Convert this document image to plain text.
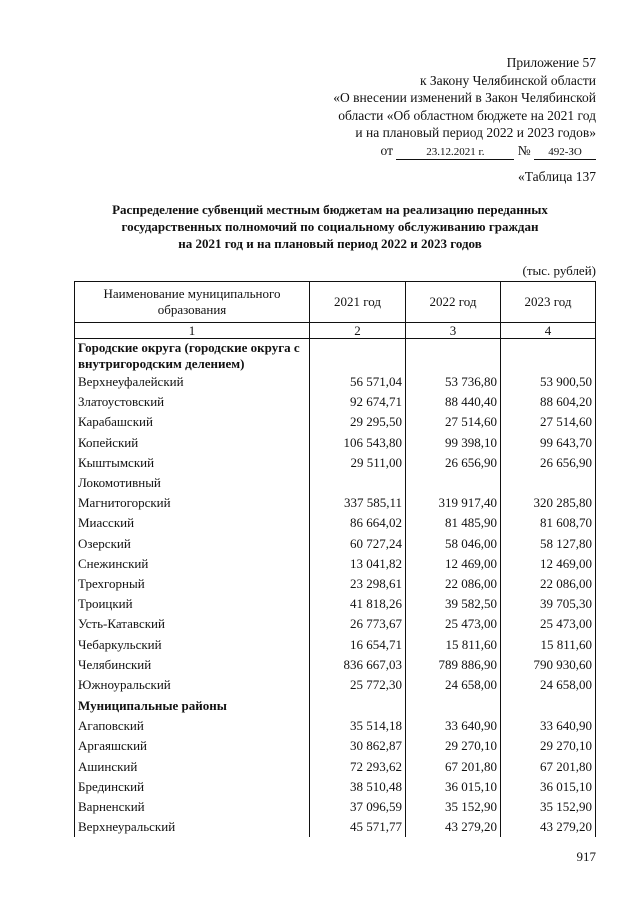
Приложение 57
к Закону Челябинской области
«О внесении изменений в Закон Челябинской
области «Об областном бюджете на 2021 год
и на плановый период 2022 и 2023 годов»
от	23.12.2021 г. № 492-ЗО
«Таблица 137
Распределение субвенций местным бюджетам на реализацию переданных
государственных полномочий по социальному обслуживанию граждан
на 2021 год и на плановый период 2022 и 2023 годов
(тыс. рублей)
Наименование муниципального образования	2021 год	2022 год	2023 год
1	2	3	4
Городские округа (городские округа с внутригородским делением)			
Верхнеуфалейский	56 571,04	53 736,80	53 900,50
Златоустовский	92 674,71	88 440,40	88 604,20
Карабашский	29 295,50	27 514,60	27 514,60
Копейский	106 543,80	99 398,10	99 643,70
Кыштымский	29 511,00	26 656,90	26 656,90
Локомотивный			
Магнитогорский	337 585,11	319 917,40	320 285,80
Миасский	86 664,02	81 485,90	81 608,70
Озерский	60 727,24	58 046,00	58 127,80
Снежинский	13 041,82	12 469,00	12 469,00
Трехгорный	23 298,61	22 086,00	22 086,00
Троицкий	41 818,26	39 582,50	39 705,30
Усть-Катавский	26 773,67	25 473,00	25 473,00
Чебаркульский	16 654,71	15 811,60	15 811,60
Челябинский	836 667,03	789 886,90	790 930,60
Южноуральский	25 772,30	24 658,00	24 658,00
Муниципальные районы			
Агаповский	35 514,18	33 640,90	33 640,90
Аргаяшский	30 862,87	29 270,10	29 270,10
Ашинский	72 293,62	67 201,80	67 201,80
Брединский	38 510,48	36 015,10	36 015,10
Варненский	37 096,59	35 152,90	35 152,90
Верхнеуральский	45 571,77	43 279,20	43 279,20
917
